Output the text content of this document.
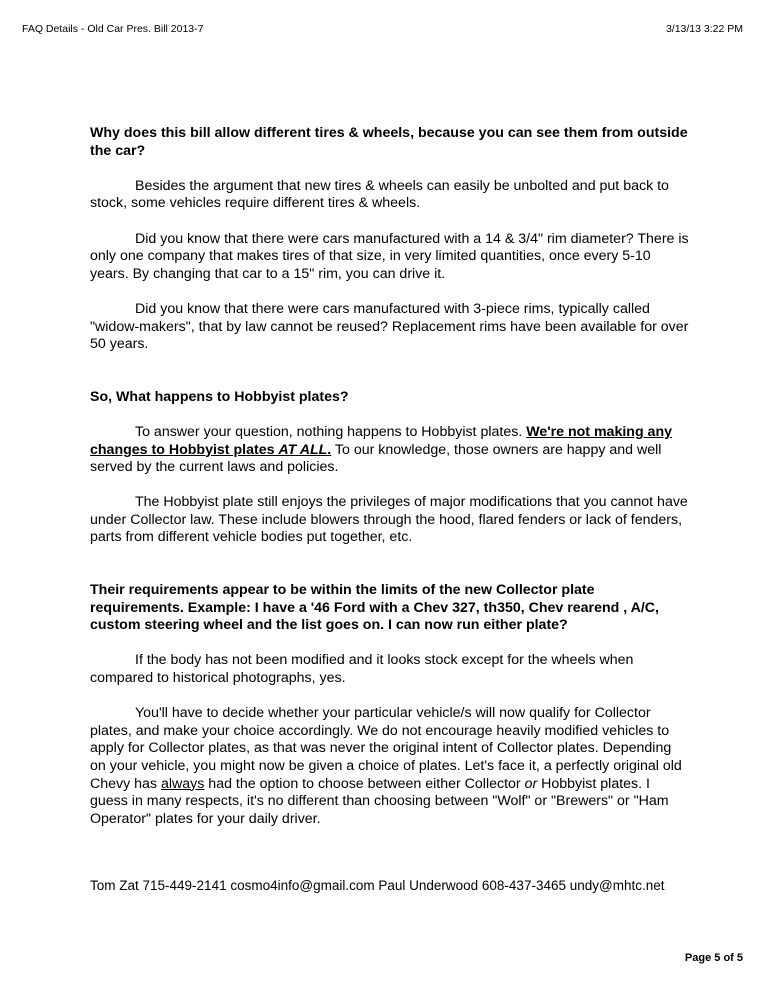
FAQ Details - Old Car Pres. Bill 2013-7	3/13/13 3:22 PM

Why does this bill allow different tires & wheels, because you can see them from outside the car?

Besides the argument that new tires & wheels can easily be unbolted and put back to stock, some vehicles require different tires & wheels.

Did you know that there were cars manufactured with a 14 & 3/4" rim diameter? There is only one company that makes tires of that size, in very limited quantities, once every 5-10 years. By changing that car to a 15" rim, you can drive it.

Did you know that there were cars manufactured with 3-piece rims, typically called "widow-makers", that by law cannot be reused? Replacement rims have been available for over 50 years.

So, What happens to Hobbyist plates?

To answer your question, nothing happens to Hobbyist plates. We're not making any changes to Hobbyist plates AT ALL. To our knowledge, those owners are happy and well served by the current laws and policies.

The Hobbyist plate still enjoys the privileges of major modifications that you cannot have under Collector law. These include blowers through the hood, flared fenders or lack of fenders, parts from different vehicle bodies put together, etc.

Their requirements appear to be within the limits of the new Collector plate requirements. Example: I have a '46 Ford with a Chev 327, th350, Chev rearend , A/C, custom steering wheel and the list goes on. I can now run either plate?

If the body has not been modified and it looks stock except for the wheels when compared to historical photographs, yes.

You'll have to decide whether your particular vehicle/s will now qualify for Collector plates, and make your choice accordingly. We do not encourage heavily modified vehicles to apply for Collector plates, as that was never the original intent of Collector plates. Depending on your vehicle, you might now be given a choice of plates. Let's face it, a perfectly original old Chevy has always had the option to choose between either Collector or Hobbyist plates. I guess in many respects, it's no different than choosing between "Wolf" or "Brewers" or "Ham Operator" plates for your daily driver.

Tom Zat 715-449-2141 cosmo4info@gmail.com Paul Underwood 608-437-3465 undy@mhtc.net
Page 5 of 5
